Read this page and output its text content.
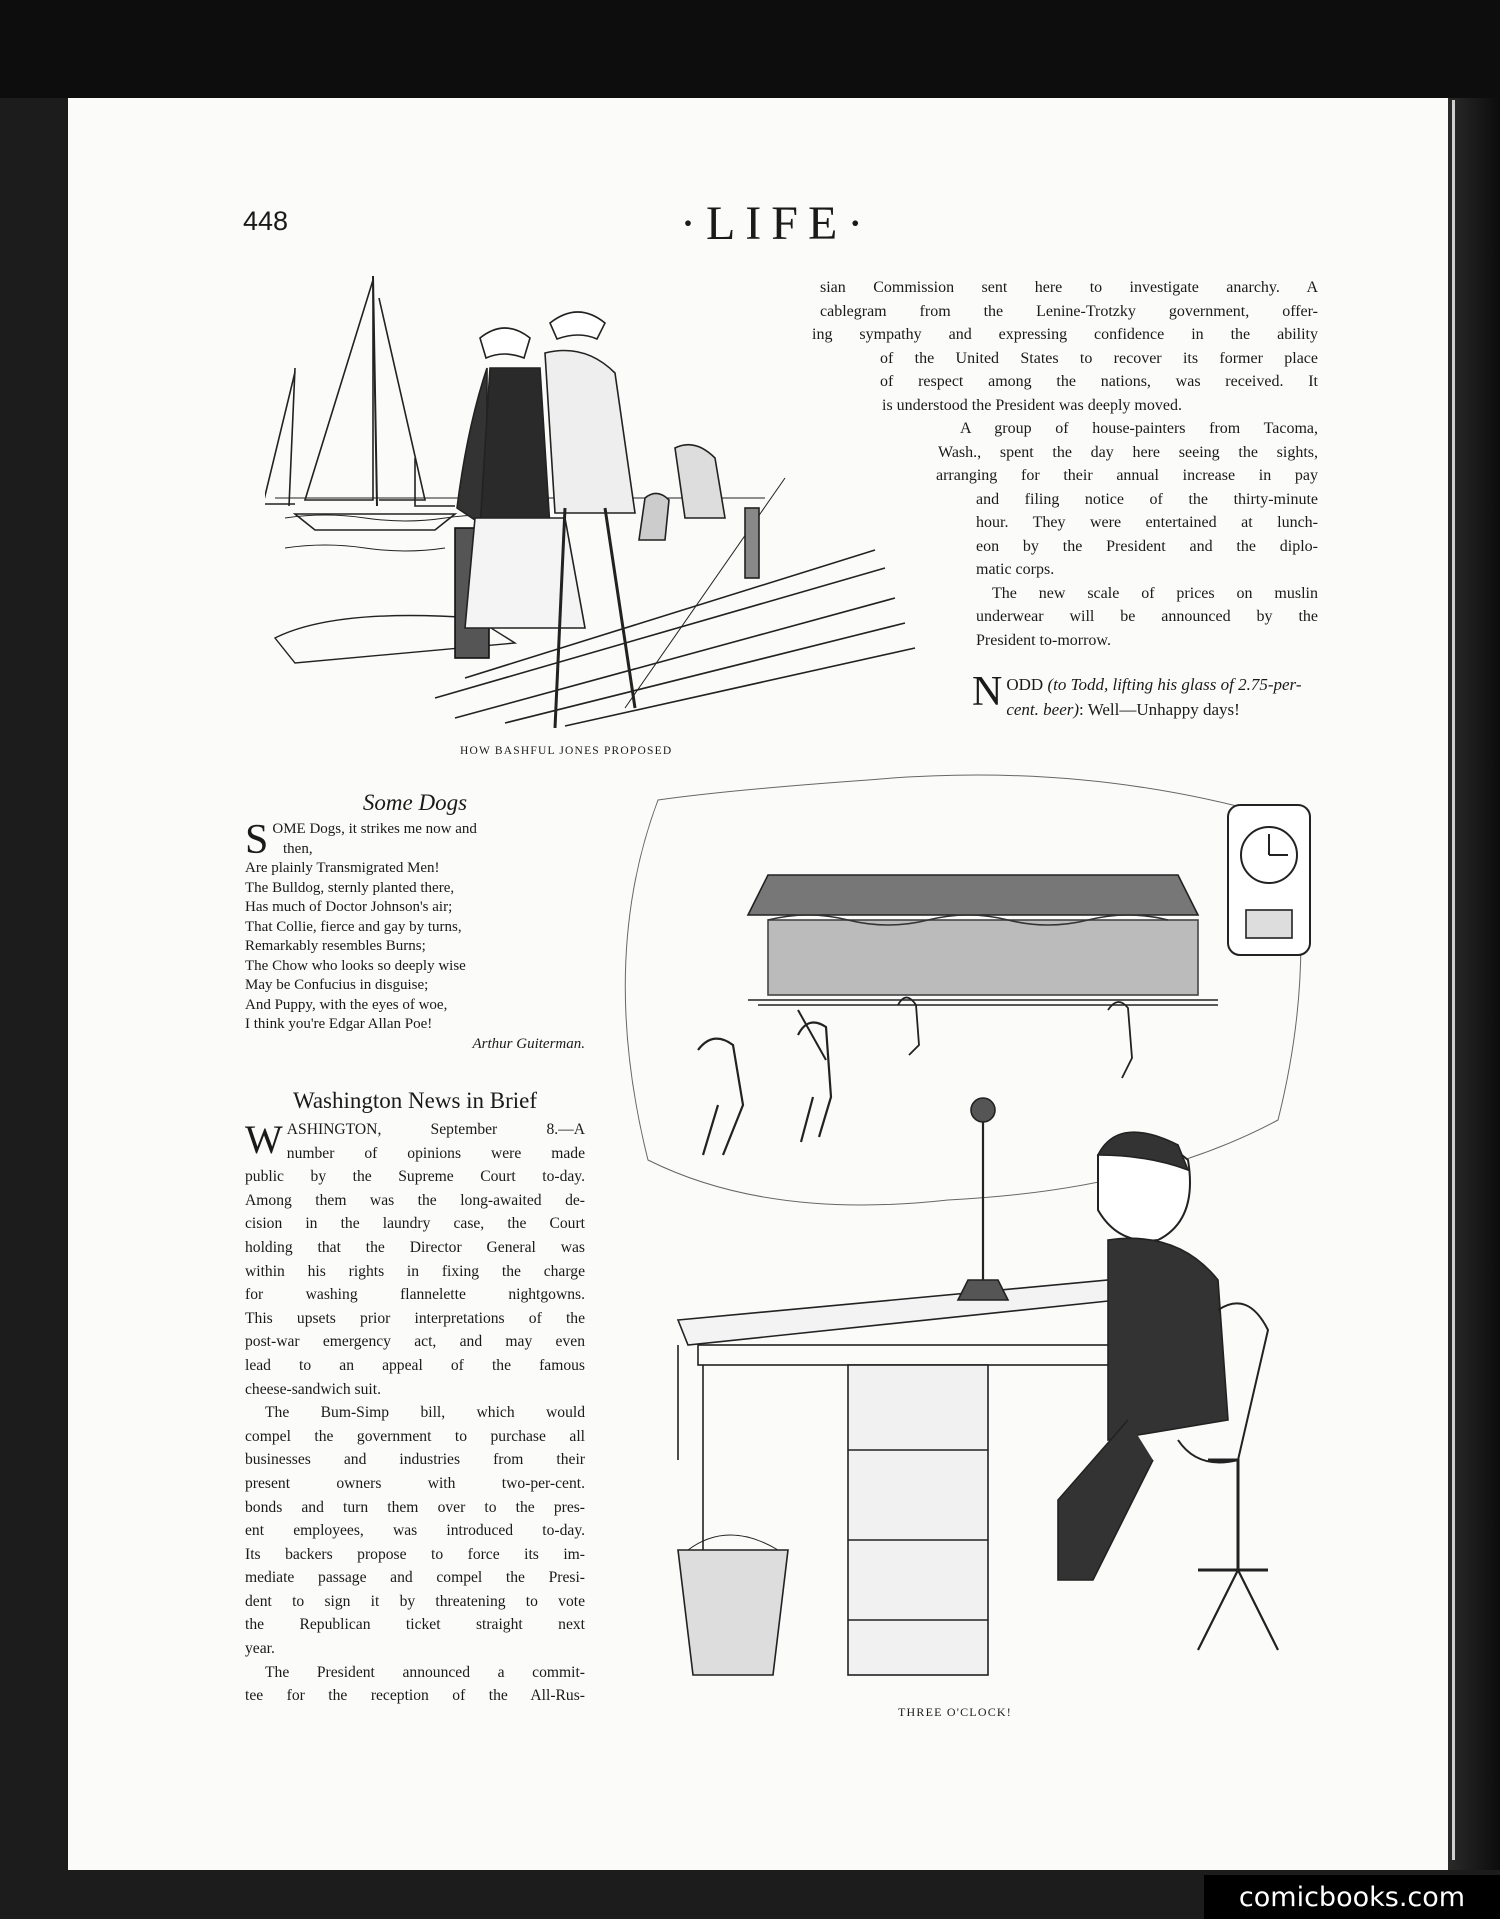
448	·LIFE·
HOW BASHFUL JONES PROPOSED
sian Commission sent here to investigate anarchy. A
cablegram from the Lenine-Trotzky government, offer-
ing sympathy and expressing confidence in the ability
of the United States to recover its former place
of respect among the nations, was received. It
is understood the President was deeply moved.
A group of house-painters from Tacoma,
Wash., spent the day here seeing the sights,
arranging for their annual increase in pay
and filing notice of the thirty-minute
hour. They were entertained at lunch-
eon by the President and the diplo-
matic corps.
The new scale of prices on muslin
underwear will be announced by the
President to-morrow.
NODD (to Todd, lifting his glass of 2.75-per-cent. beer): Well—Unhappy days!
Some Dogs
S OME Dogs, it strikes me now and
then,
Are plainly Transmigrated Men!
The Bulldog, sternly planted there,
Has much of Doctor Johnson's air;
That Collie, fierce and gay by turns,
Remarkably resembles Burns;
The Chow who looks so deeply wise
May be Confucius in disguise;
And Puppy, with the eyes of woe,
I think you're Edgar Allan Poe!
Arthur Guiterman.
Washington News in Brief
W ASHINGTON, September 8.—A
number of opinions were made
public by the Supreme Court to-day.
Among them was the long-awaited de-
cision in the laundry case, the Court
holding that the Director General was
within his rights in fixing the charge
for washing flannelette nightgowns.
This upsets prior interpretations of the
post-war emergency act, and may even
lead to an appeal of the famous
cheese-sandwich suit.
The Bum-Simp bill, which would
compel the government to purchase all
businesses and industries from their
present owners with two-per-cent.
bonds and turn them over to the pres-
ent employees, was introduced to-day.
Its backers propose to force its im-
mediate passage and compel the Presi-
dent to sign it by threatening to vote
the Republican ticket straight next
year.
The President announced a commit-
tee for the reception of the All-Rus-
THREE O'CLOCK!
comicbooks.com
